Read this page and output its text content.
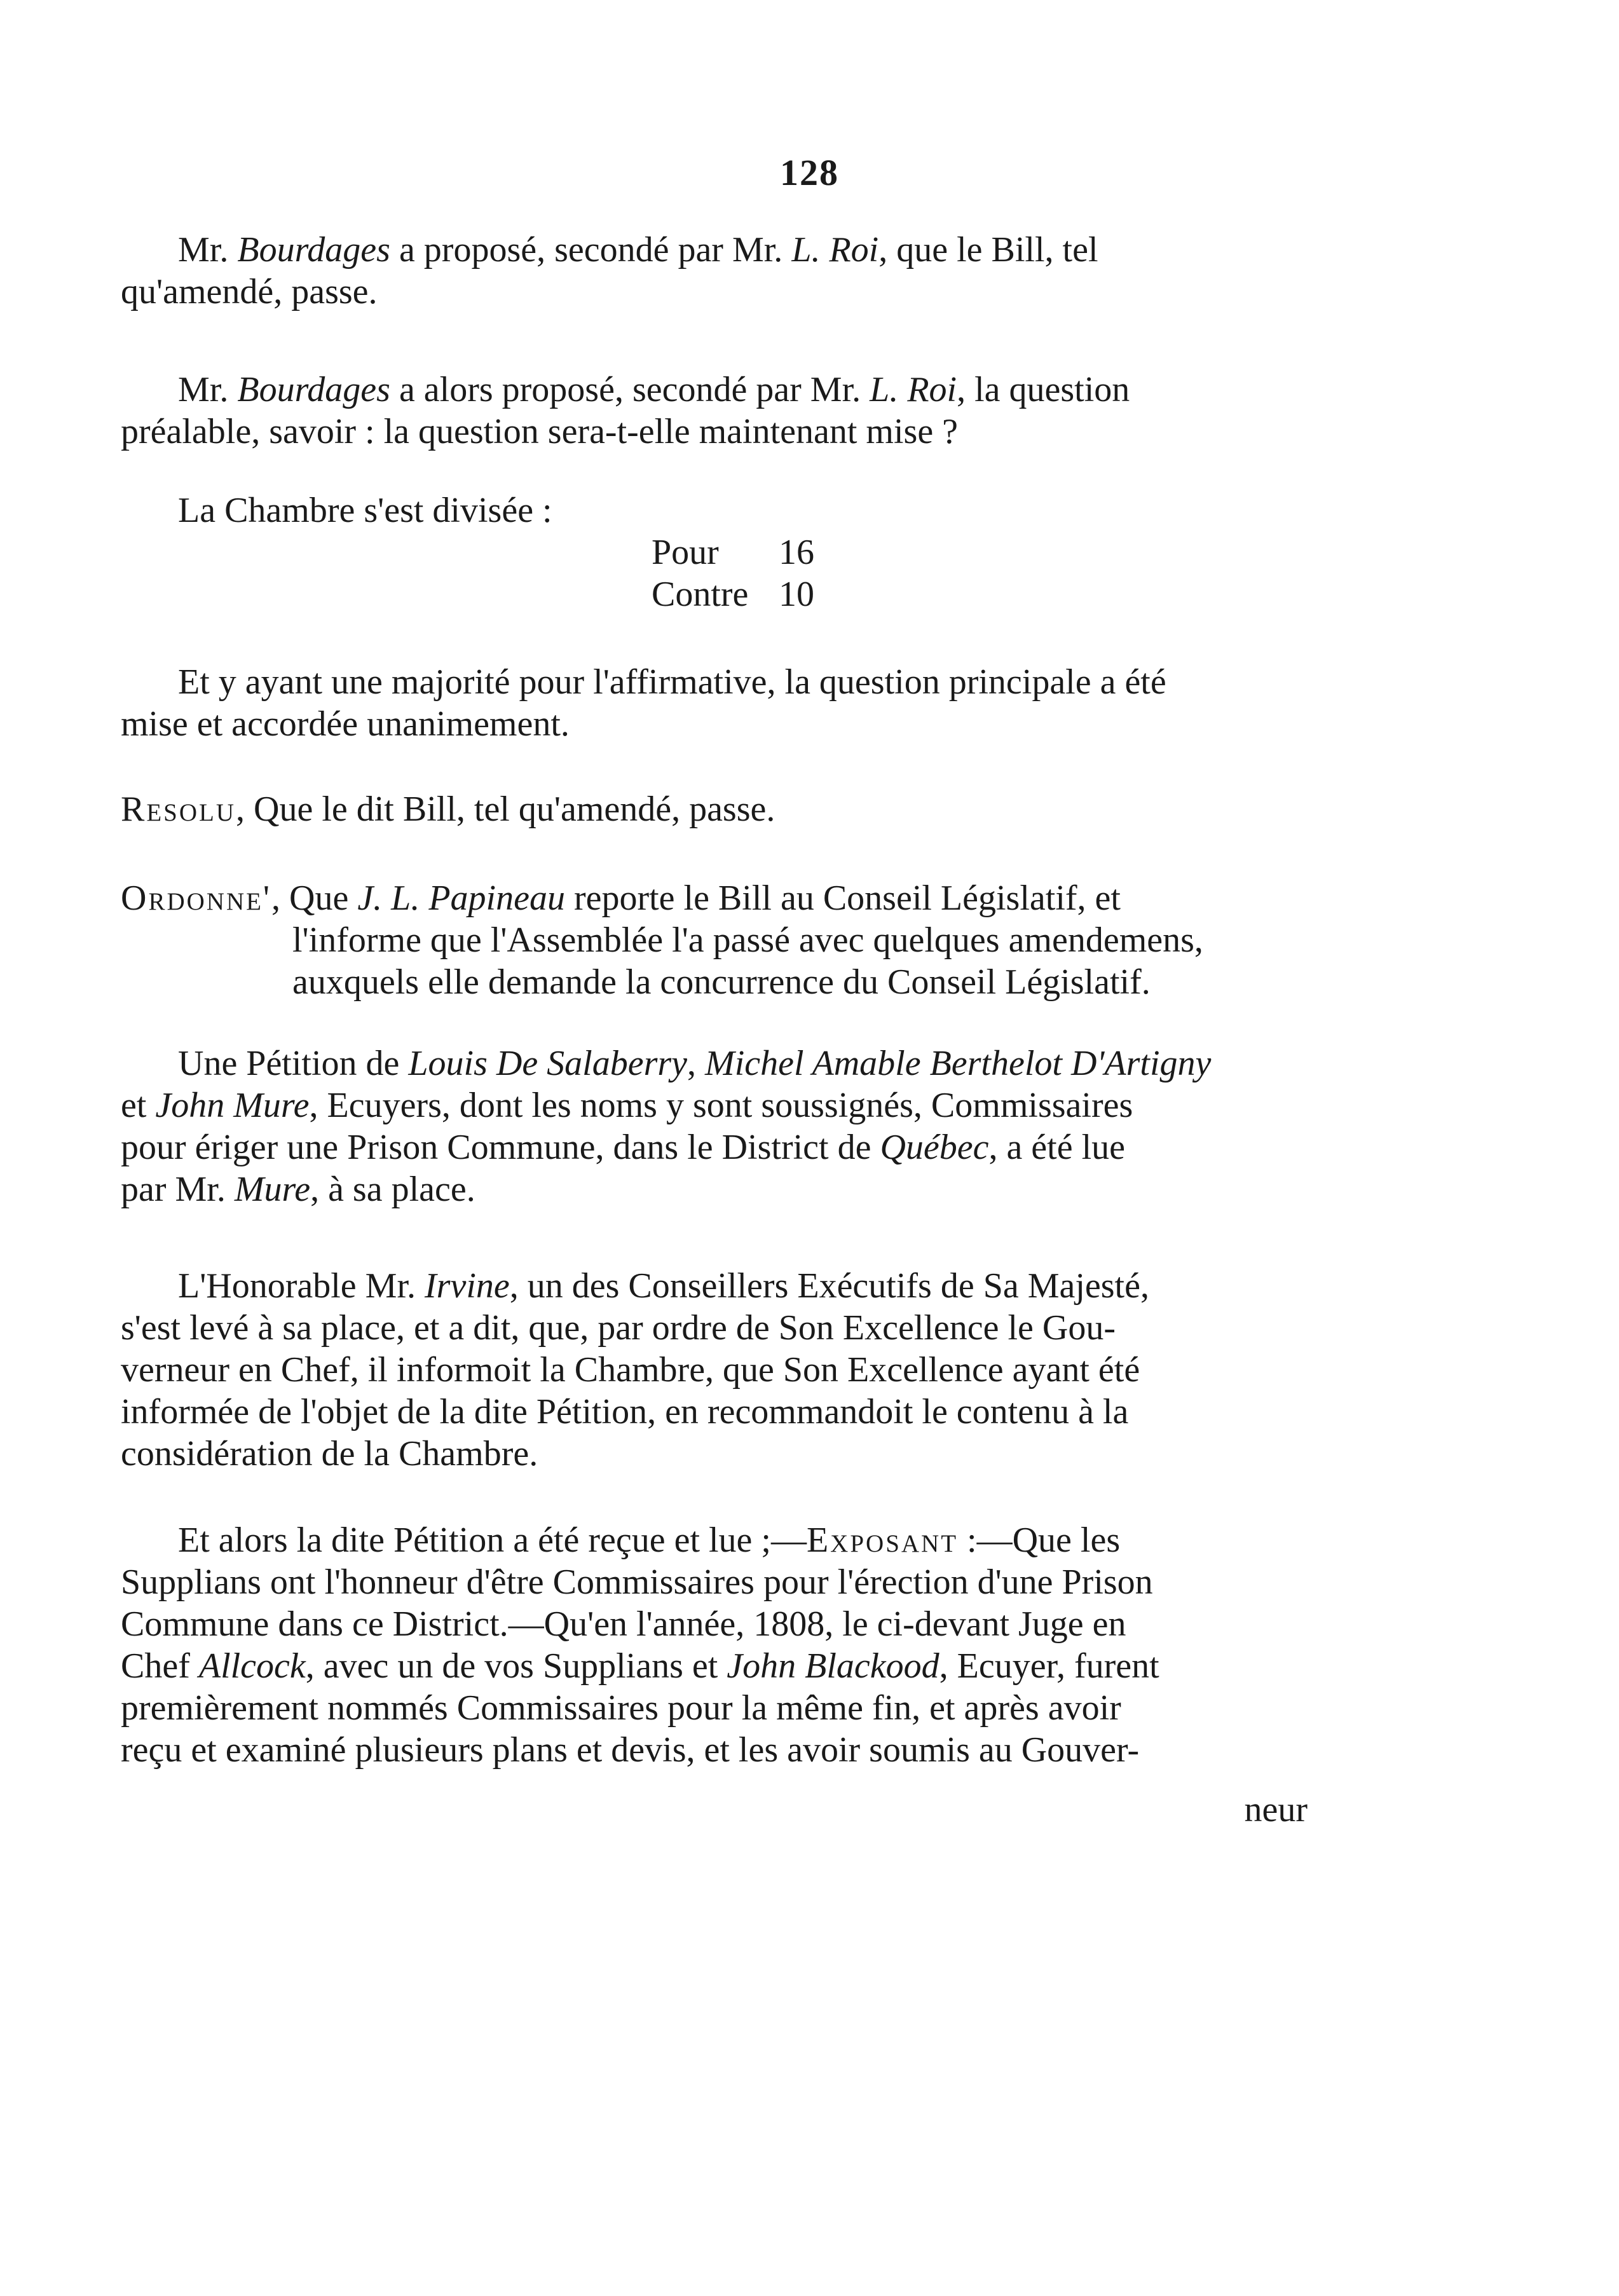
128
Mr. Bourdages a proposé, secondé par Mr. L. Roi, que le Bill, tel
qu'amendé, passe.
Mr. Bourdages a alors proposé, secondé par Mr. L. Roi, la question
préalable, savoir : la question sera-t-elle maintenant mise ?
La Chambre s'est divisée :
Pour 16
Contre 10
Et y ayant une majorité pour l'affirmative, la question principale a été
mise et accordée unanimement.
Resolu, Que le dit Bill, tel qu'amendé, passe.
Ordonne', Que J. L. Papineau reporte le Bill au Conseil Législatif, et
l'informe que l'Assemblée l'a passé avec quelques amendemens,
auxquels elle demande la concurrence du Conseil Législatif.
Une Pétition de Louis De Salaberry, Michel Amable Berthelot D'Artigny
et John Mure, Ecuyers, dont les noms y sont soussignés, Commissaires
pour ériger une Prison Commune, dans le District de Québec, a été lue
par Mr. Mure, à sa place.
L'Honorable Mr. Irvine, un des Conseillers Exécutifs de Sa Majesté,
s'est levé à sa place, et a dit, que, par ordre de Son Excellence le Gou-
verneur en Chef, il informoit la Chambre, que Son Excellence ayant été
informée de l'objet de la dite Pétition, en recommandoit le contenu à la
considération de la Chambre.
Et alors la dite Pétition a été reçue et lue ;—Exposant :—Que les
Supplians ont l'honneur d'être Commissaires pour l'érection d'une Prison
Commune dans ce District.—Qu'en l'année, 1808, le ci-devant Juge en
Chef Allcock, avec un de vos Supplians et John Blackood, Ecuyer, furent
premièrement nommés Commissaires pour la même fin, et après avoir
reçu et examiné plusieurs plans et devis, et les avoir soumis au Gouver-
neur
